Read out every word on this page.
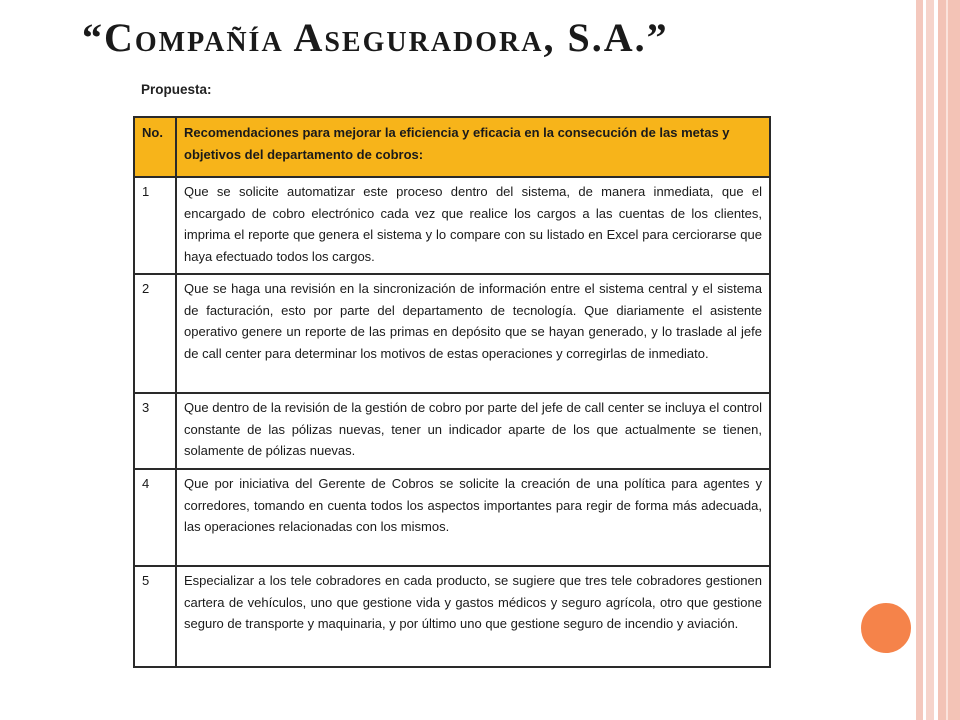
“Compañía Aseguradora, S.A.”
Propuesta:
No.	Recomendaciones para mejorar la eficiencia y eficacia en la consecución de las metas y objetivos del departamento de cobros:
1	Que se solicite automatizar este proceso dentro del sistema, de manera inmediata, que el encargado de cobro electrónico cada vez que realice los cargos a las cuentas de los clientes, imprima el reporte que genera el sistema y lo compare con su listado en Excel para cerciorarse que haya efectuado todos los cargos.
2	Que se haga una revisión en la sincronización de información entre el sistema central y el sistema de facturación, esto por parte del departamento de tecnología. Que diariamente el asistente operativo genere un reporte de las primas en depósito que se hayan generado, y lo traslade al jefe de call center para determinar los motivos de estas operaciones y corregirlas de inmediato.
3	Que dentro de la revisión de la gestión de cobro por parte del jefe de call center se incluya el control constante de las pólizas nuevas, tener un indicador aparte de los que actualmente se tienen, solamente de pólizas nuevas.
4	Que por iniciativa del Gerente de Cobros se solicite la creación de una política para agentes y corredores, tomando en cuenta todos los aspectos importantes para regir de forma más adecuada, las operaciones relacionadas con los mismos.
5	Especializar a los tele cobradores en cada producto, se sugiere que tres tele cobradores gestionen cartera de vehículos, uno que gestione vida y gastos médicos y seguro agrícola, otro que gestione seguro de transporte y maquinaria, y por último uno que gestione seguro de incendio y aviación.
